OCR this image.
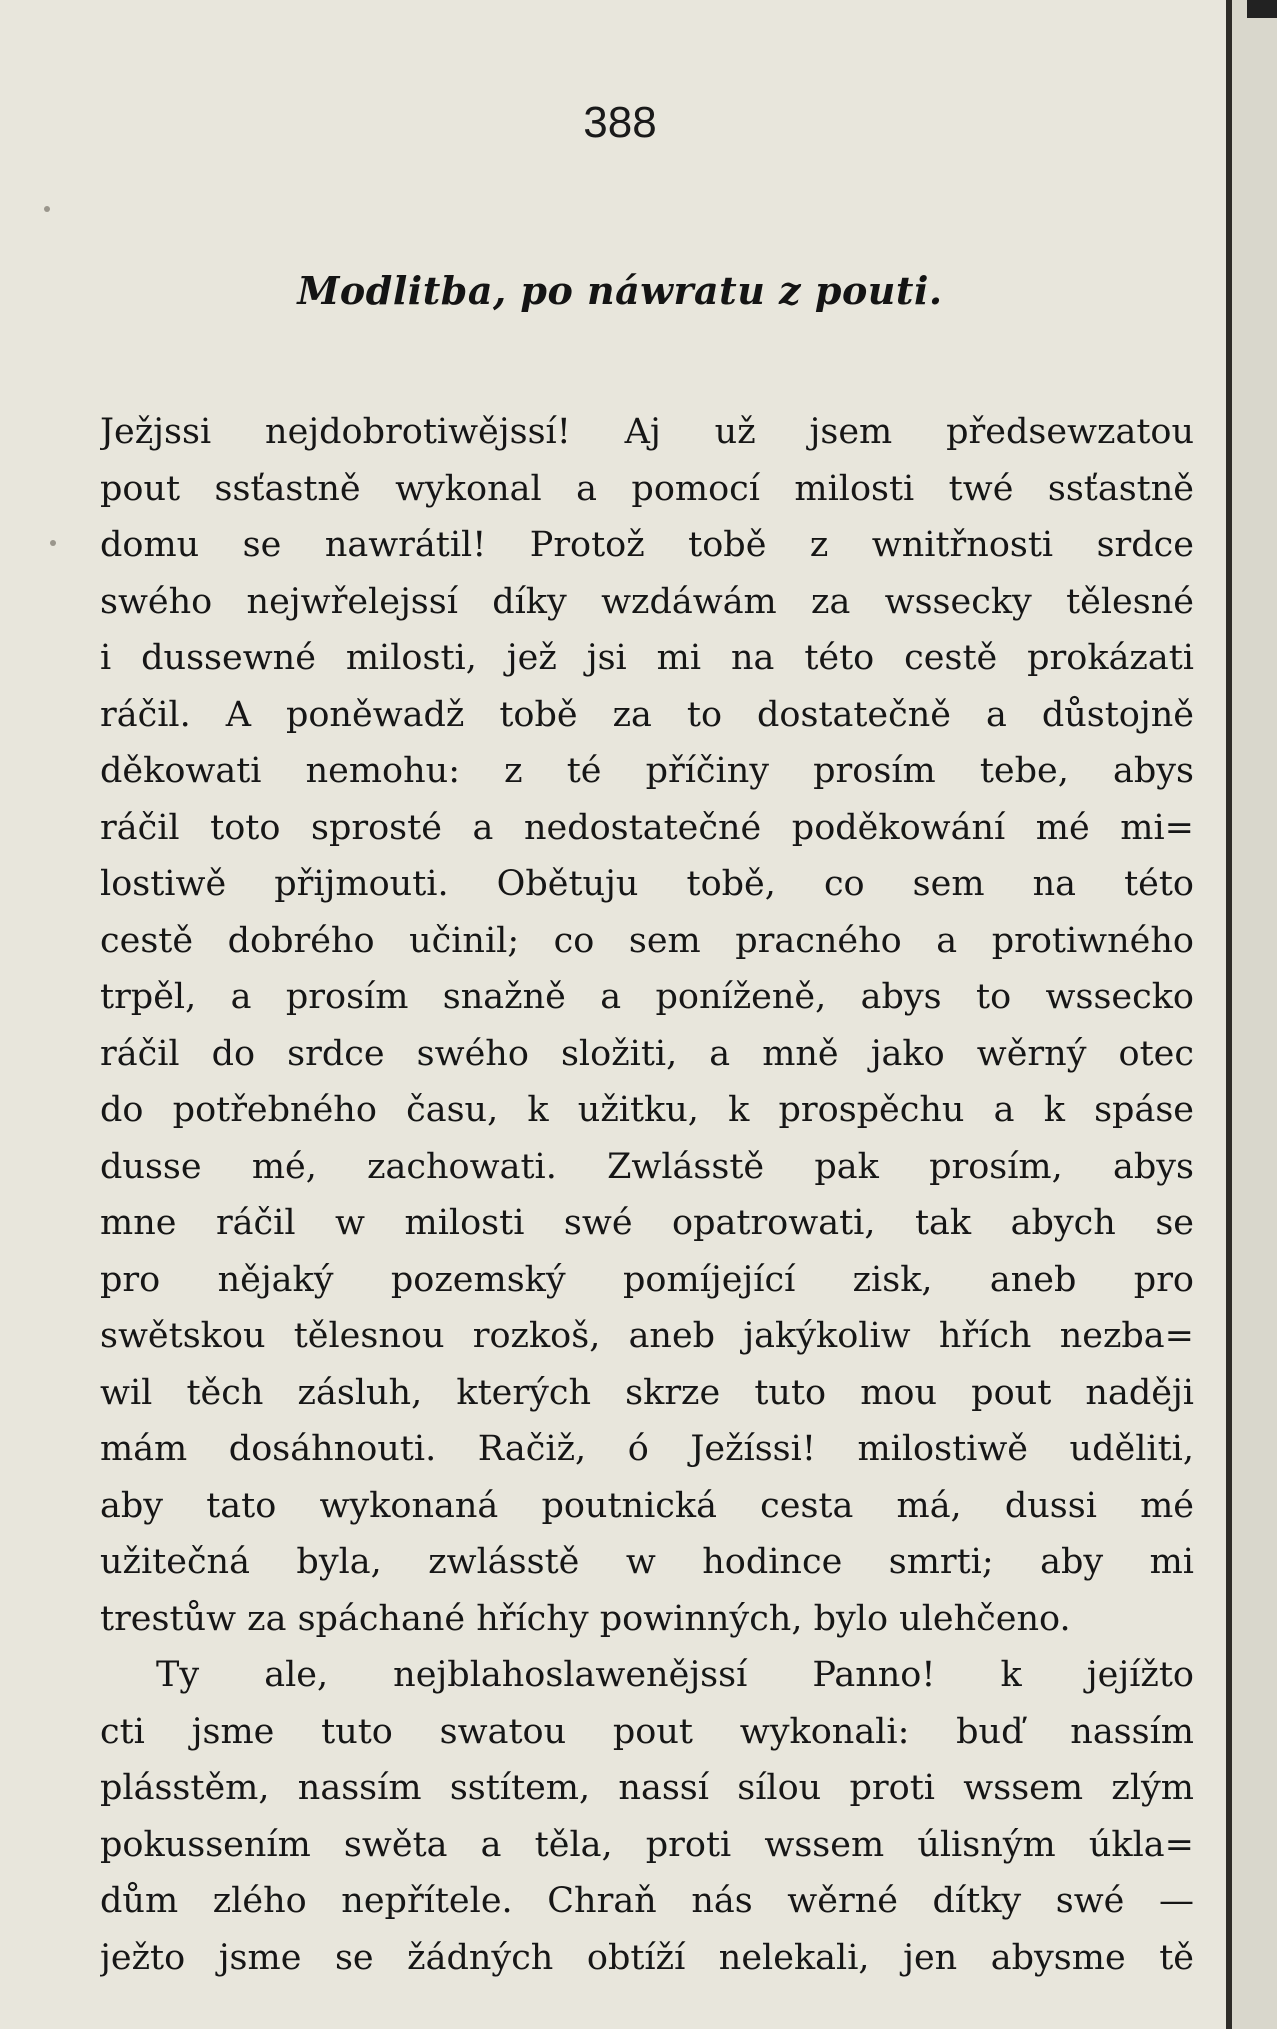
388
Modlitba, po náwratu z pouti.
Ježjssi nejdobrotiwějssí! Aj už jsem předsewzatou
pout ssťastně wykonal a pomocí milosti twé ssťastně
domu se nawrátil! Protož tobě z wnitřnosti srdce
swého nejwřelejssí díky wzdáwám za wssecky tělesné
i dussewné milosti, jež jsi mi na této cestě prokázati
ráčil. A poněwadž tobě za to dostatečně a důstojně
děkowati nemohu: z té příčiny prosím tebe, abys
ráčil toto sprosté a nedostatečné poděkowání mé mi=
lostiwě přijmouti. Obětuju tobě, co sem na této
cestě dobrého učinil; co sem pracného a protiwného
trpěl, a prosím snažně a poníženě, abys to wssecko
ráčil do srdce swého složiti, a mně jako wěrný otec
do potřebného času, k užitku, k prospěchu a k spáse
dusse mé, zachowati. Zwlásstě pak prosím, abys
mne ráčil w milosti swé opatrowati, tak abych se
pro nějaký pozemský pomíjející zisk, aneb pro
swětskou tělesnou rozkoš, aneb jakýkoliw hřích nezba=
wil těch zásluh, kterých skrze tuto mou pout naději
mám dosáhnouti. Račiž, ó Ježíssi! milostiwě uděliti,
aby tato wykonaná poutnická cesta má, dussi mé
užitečná byla, zwlásstě w hodince smrti; aby mi
trestůw za spáchané hříchy powinných, bylo ulehčeno.
Ty ale, nejblahoslawenějssí Panno! k jejížto
cti jsme tuto swatou pout wykonali: buď nassím
plásstěm, nassím sstítem, nassí sílou proti wssem zlým
pokussením swěta a těla, proti wssem úlisným úkla=
dům zlého nepřítele. Chraň nás wěrné dítky swé —
ježto jsme se žádných obtíží nelekali, jen abysme tě
